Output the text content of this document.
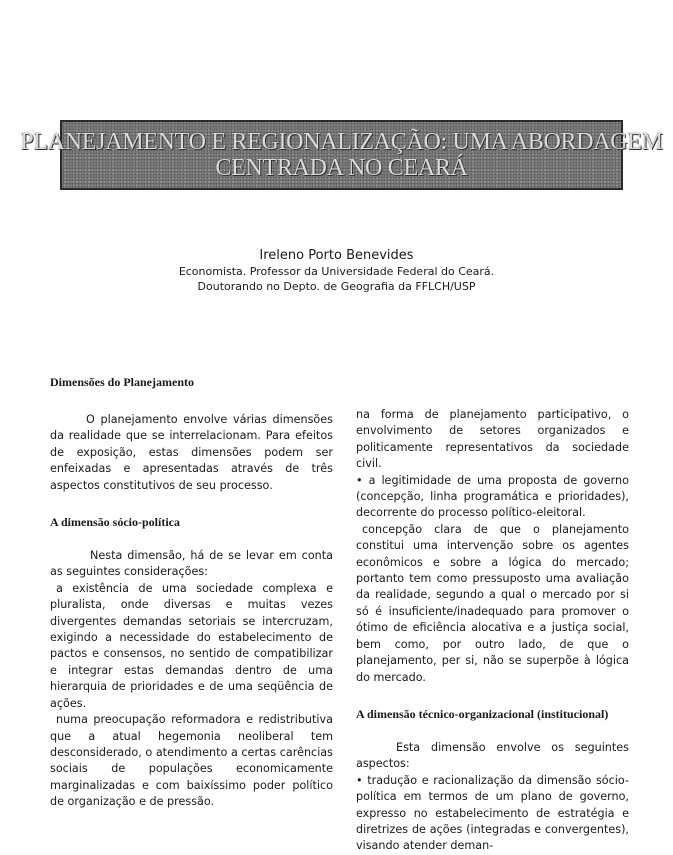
PLANEJAMENTO E REGIONALIZAÇÃO: UMA ABORDAGEM
CENTRADA NO CEARÁ
Ireleno Porto Benevides
Economista. Professor da Universidade Federal do Ceará.
Doutorando no Depto. de Geografia da FFLCH/USP
Dimensões do Planejamento

O planejamento envolve várias dimensões da realidade que se interrelacionam. Para efeitos de exposição, estas dimensões podem ser enfeixadas e apresentadas através de três aspectos constitutivos de seu processo.

A dimensão sócio-política

Nesta dimensão, há de se levar em conta as seguintes considerações:

a existência de uma sociedade complexa e pluralista, onde diversas e muitas vezes divergentes demandas setoriais se intercruzam, exigindo a necessidade do estabelecimento de pactos e consensos, no sentido de compatibilizar e integrar estas demandas dentro de uma hierarquia de prioridades e de uma seqüência de ações.

numa preocupação reformadora e redistributiva que a atual hegemonia neoliberal tem desconsiderado, o atendimento a certas carências sociais de populações economicamente marginalizadas e com baixíssimo poder político de organização e de pressão.

na forma de planejamento participativo, o envolvimento de setores organizados e politicamente representativos da sociedade civil.

• a legitimidade de uma proposta de governo (concepção, linha programática e prioridades), decorrente do processo político-eleitoral.

concepção clara de que o planejamento constitui uma intervenção sobre os agentes econômicos e sobre a lógica do mercado; portanto tem como pressuposto uma avaliação da realidade, segundo a qual o mercado por si só é insuficiente/inadequado para promover o ótimo de eficiência alocativa e a justiça social, bem como, por outro lado, de que o planejamento, per si, não se superpõe à lógica do mercado.

A dimensão técnico-organizacional (institucional)

Esta dimensão envolve os seguintes aspectos:

• tradução e racionalização da dimensão sócio-política em termos de um plano de governo, expresso no estabelecimento de estratégia e diretrizes de ações (integradas e convergentes), visando atender deman-
